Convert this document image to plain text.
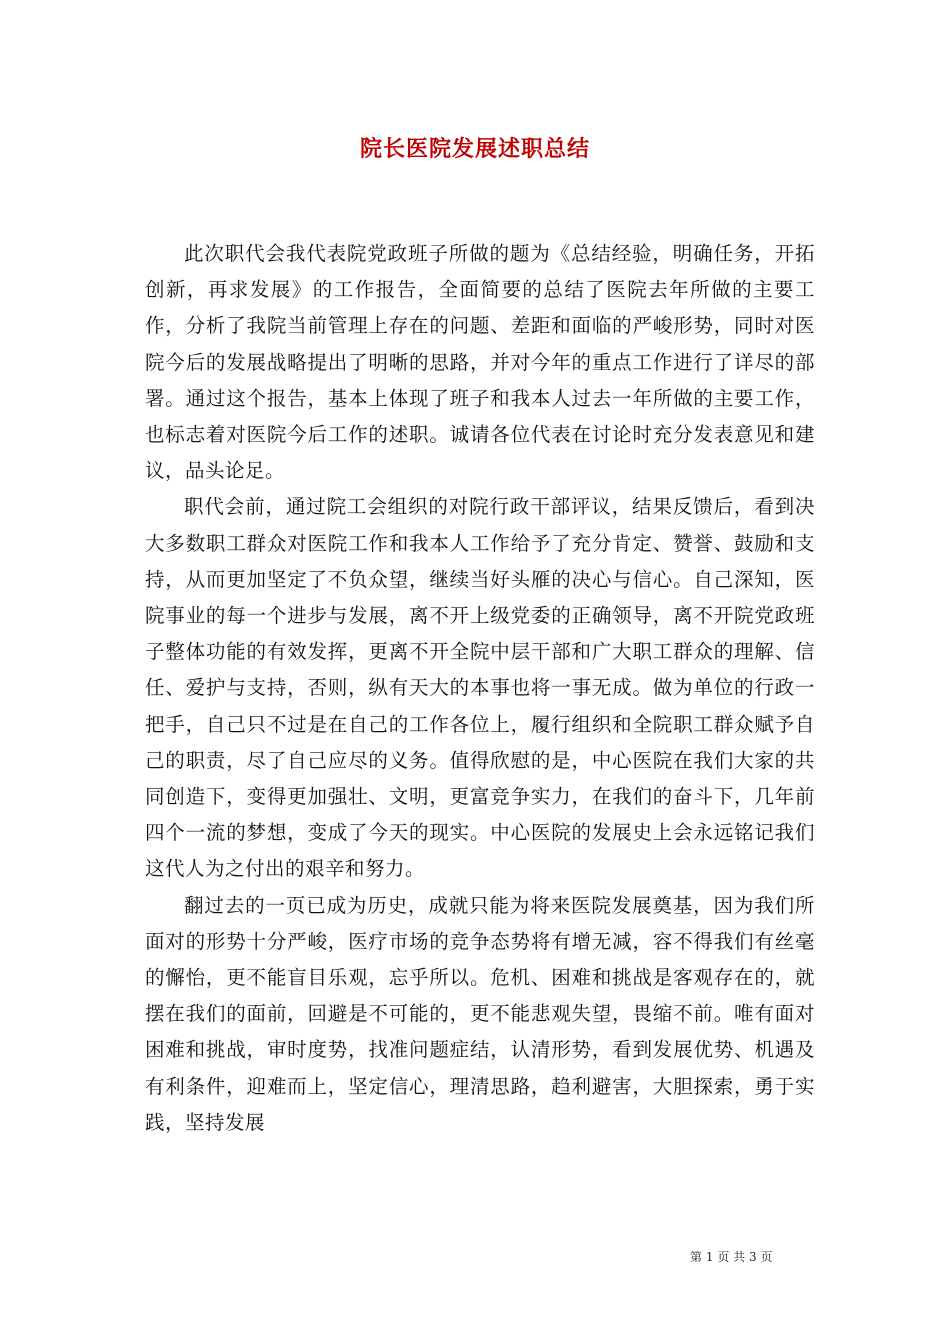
院长医院发展述职总结

此次职代会我代表院党政班子所做的题为《总结经验，明确任务，开拓创新，再求发展》的工作报告，全面简要的总结了医院去年所做的主要工作，分析了我院当前管理上存在的问题、差距和面临的严峻形势，同时对医院今后的发展战略提出了明晰的思路，并对今年的重点工作进行了详尽的部署。通过这个报告，基本上体现了班子和我本人过去一年所做的主要工作，也标志着对医院今后工作的述职。诚请各位代表在讨论时充分发表意见和建议，品头论足。

职代会前，通过院工会组织的对院行政干部评议，结果反馈后，看到决大多数职工群众对医院工作和我本人工作给予了充分肯定、赞誉、鼓励和支持，从而更加坚定了不负众望，继续当好头雁的决心与信心。自己深知，医院事业的每一个进步与发展，离不开上级党委的正确领导，离不开院党政班子整体功能的有效发挥，更离不开全院中层干部和广大职工群众的理解、信任、爱护与支持，否则，纵有天大的本事也将一事无成。做为单位的行政一把手，自己只不过是在自己的工作各位上，履行组织和全院职工群众赋予自己的职责，尽了自己应尽的义务。值得欣慰的是，中心医院在我们大家的共同创造下，变得更加强壮、文明，更富竞争实力，在我们的奋斗下，几年前四个一流的梦想，变成了今天的现实。中心医院的发展史上会永远铭记我们这代人为之付出的艰辛和努力。

翻过去的一页已成为历史，成就只能为将来医院发展奠基，因为我们所面对的形势十分严峻，医疗市场的竞争态势将有增无减，容不得我们有丝毫的懈怡，更不能盲目乐观，忘乎所以。危机、困难和挑战是客观存在的，就摆在我们的面前，回避是不可能的，更不能悲观失望，畏缩不前。唯有面对困难和挑战，审时度势，找准问题症结，认清形势，看到发展优势、机遇及有利条件，迎难而上，坚定信心，理清思路，趋利避害，大胆探索，勇于实践，坚持发展

第 1 页 共 3 页
